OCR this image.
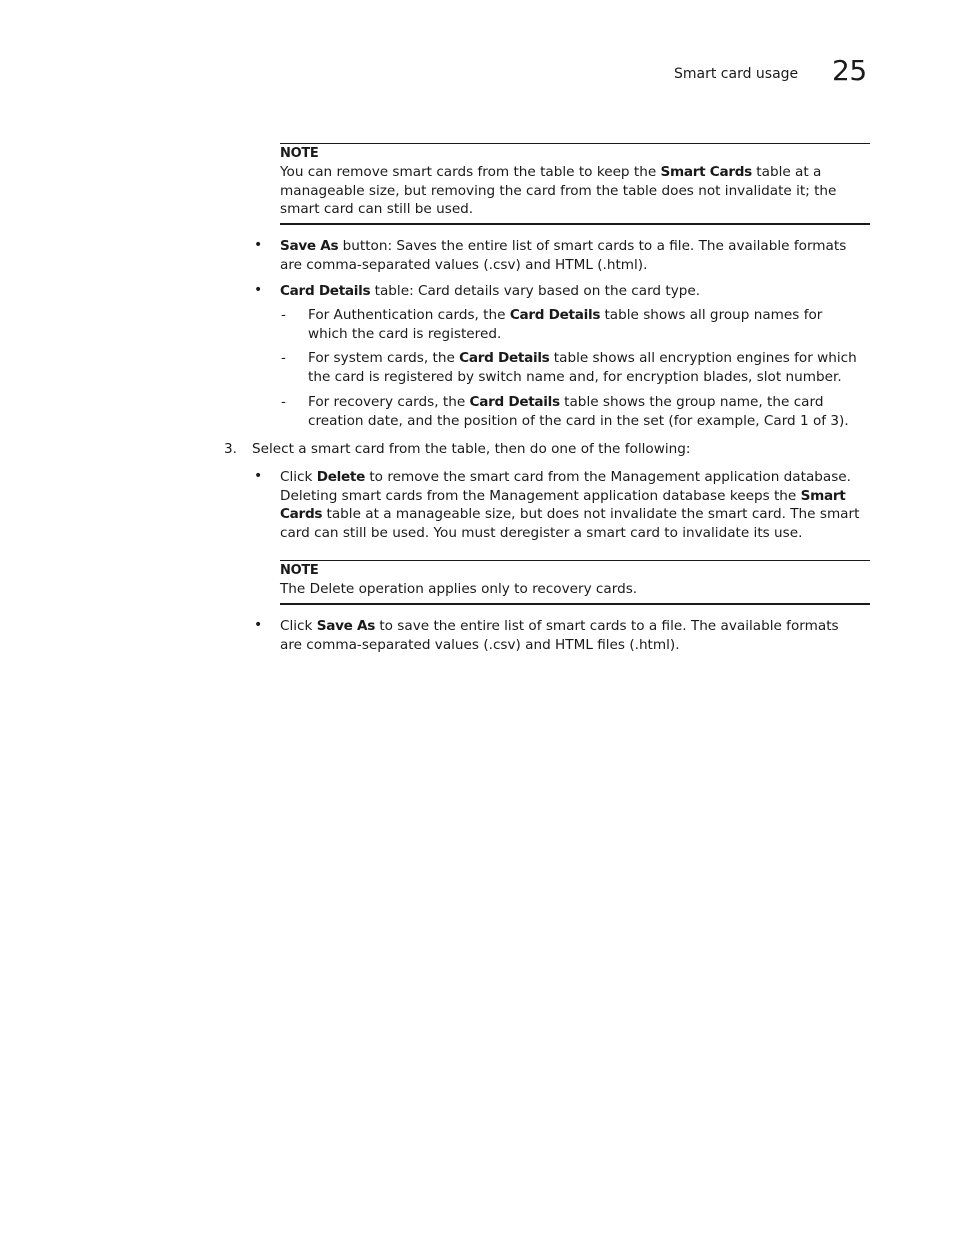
Smart card usage 25
NOTE
You can remove smart cards from the table to keep the Smart Cards table at a manageable size, but removing the card from the table does not invalidate it; the smart card can still be used.
• Save As button: Saves the entire list of smart cards to a file. The available formats are comma-separated values (.csv) and HTML (.html).
• Card Details table: Card details vary based on the card type.
- For Authentication cards, the Card Details table shows all group names for which the card is registered.
- For system cards, the Card Details table shows all encryption engines for which the card is registered by switch name and, for encryption blades, slot number.
- For recovery cards, the Card Details table shows the group name, the card creation date, and the position of the card in the set (for example, Card 1 of 3).
3. Select a smart card from the table, then do one of the following:
• Click Delete to remove the smart card from the Management application database. Deleting smart cards from the Management application database keeps the Smart Cards table at a manageable size, but does not invalidate the smart card. The smart card can still be used. You must deregister a smart card to invalidate its use.
NOTE
The Delete operation applies only to recovery cards.
• Click Save As to save the entire list of smart cards to a file. The available formats are comma-separated values (.csv) and HTML files (.html).
